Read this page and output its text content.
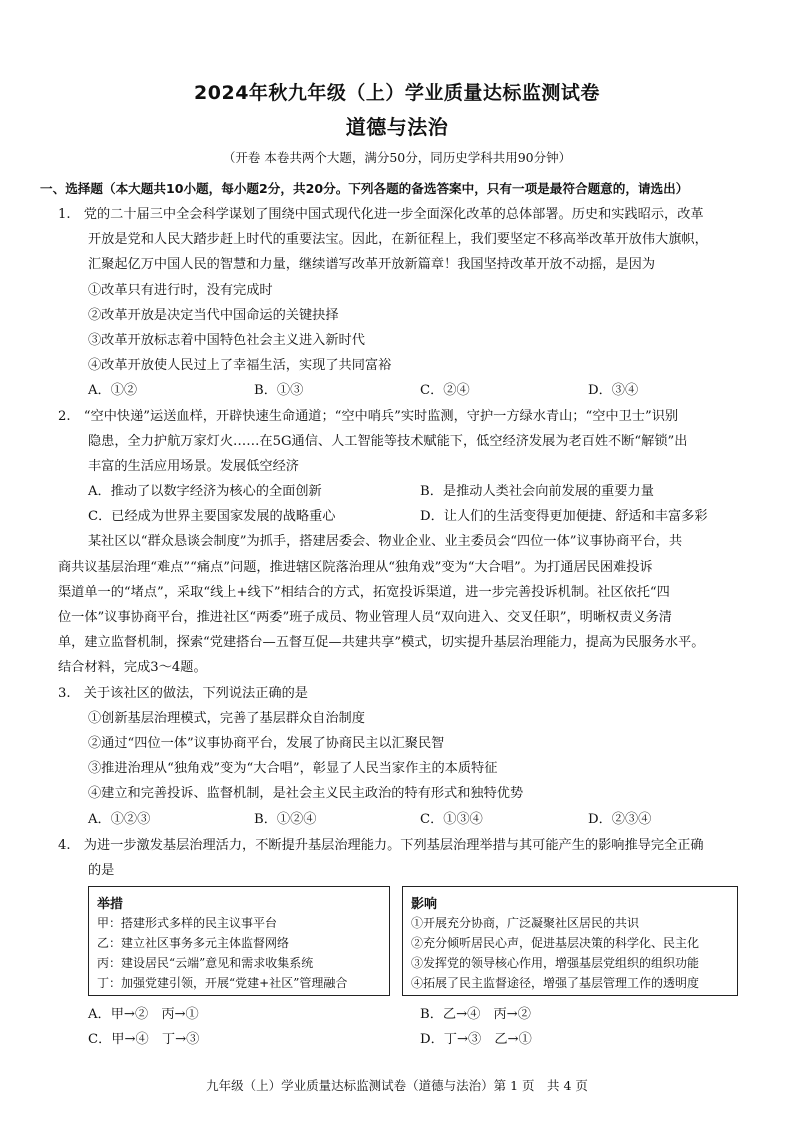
2024年秋九年级（上）学业质量达标监测试卷
道德与法治
（开卷 本卷共两个大题，满分50分，同历史学科共用90分钟）
一、选择题（本大题共10小题，每小题2分，共20分。下列各题的备选答案中，只有一项是最符合题意的，请选出）
1.　党的二十届三中全会科学谋划了围绕中国式现代化进一步全面深化改革的总体部署。历史和实践昭示，改革
开放是党和人民大踏步赶上时代的重要法宝。因此，在新征程上，我们要坚定不移高举改革开放伟大旗帜，
汇聚起亿万中国人民的智慧和力量，继续谱写改革开放新篇章！我国坚持改革开放不动摇，是因为
①改革只有进行时，没有完成时
②改革开放是决定当代中国命运的关键抉择
③改革开放标志着中国特色社会主义进入新时代
④改革开放使人民过上了幸福生活，实现了共同富裕
A．①②	B．①③	C．②④	D．③④
2.　“空中快递”运送血样，开辟快速生命通道；“空中哨兵”实时监测，守护一方绿水青山；“空中卫士”识别
隐患，全力护航万家灯火……在5G通信、人工智能等技术赋能下，低空经济发展为老百姓不断“解锁”出
丰富的生活应用场景。发展低空经济
A．推动了以数字经济为核心的全面创新	B．是推动人类社会向前发展的重要力量
C．已经成为世界主要国家发展的战略重心	D．让人们的生活变得更加便捷、舒适和丰富多彩
某社区以“群众恳谈会制度”为抓手，搭建居委会、物业企业、业主委员会“四位一体”议事协商平台，共
商共议基层治理“难点”“痛点”问题，推进辖区院落治理从“独角戏”变为“大合唱”。为打通居民困难投诉
渠道单一的“堵点”，采取“线上+线下”相结合的方式，拓宽投诉渠道，进一步完善投诉机制。社区依托“四
位一体”议事协商平台，推进社区“两委”班子成员、物业管理人员“双向进入、交叉任职”，明晰权责义务清
单，建立监督机制，探索“党建搭台—五督互促—共建共享”模式，切实提升基层治理能力，提高为民服务水平。
结合材料，完成3～4题。
3.　关于该社区的做法，下列说法正确的是
①创新基层治理模式，完善了基层群众自治制度
②通过“四位一体”议事协商平台，发展了协商民主以汇聚民智
③推进治理从“独角戏”变为“大合唱”，彰显了人民当家作主的本质特征
④建立和完善投诉、监督机制，是社会主义民主政治的特有形式和独特优势
A．①②③	B．①②④	C．①③④	D．②③④
4.　为进一步激发基层治理活力，不断提升基层治理能力。下列基层治理举措与其可能产生的影响推导完全正确
的是
举措
甲：搭建形式多样的民主议事平台
乙：建立社区事务多元主体监督网络
丙：建设居民“云端”意见和需求收集系统
丁：加强党建引领，开展“党建+社区”管理融合
影响
①开展充分协商，广泛凝聚社区居民的共识
②充分倾听居民心声，促进基层决策的科学化、民主化
③发挥党的领导核心作用，增强基层党组织的组织功能
④拓展了民主监督途径，增强了基层管理工作的透明度
A．甲→②　丙→①	B．乙→④　丙→②
C．甲→④　丁→③	D．丁→③　乙→①
九年级（上）学业质量达标监测试卷（道德与法治）第 1 页　共 4 页
